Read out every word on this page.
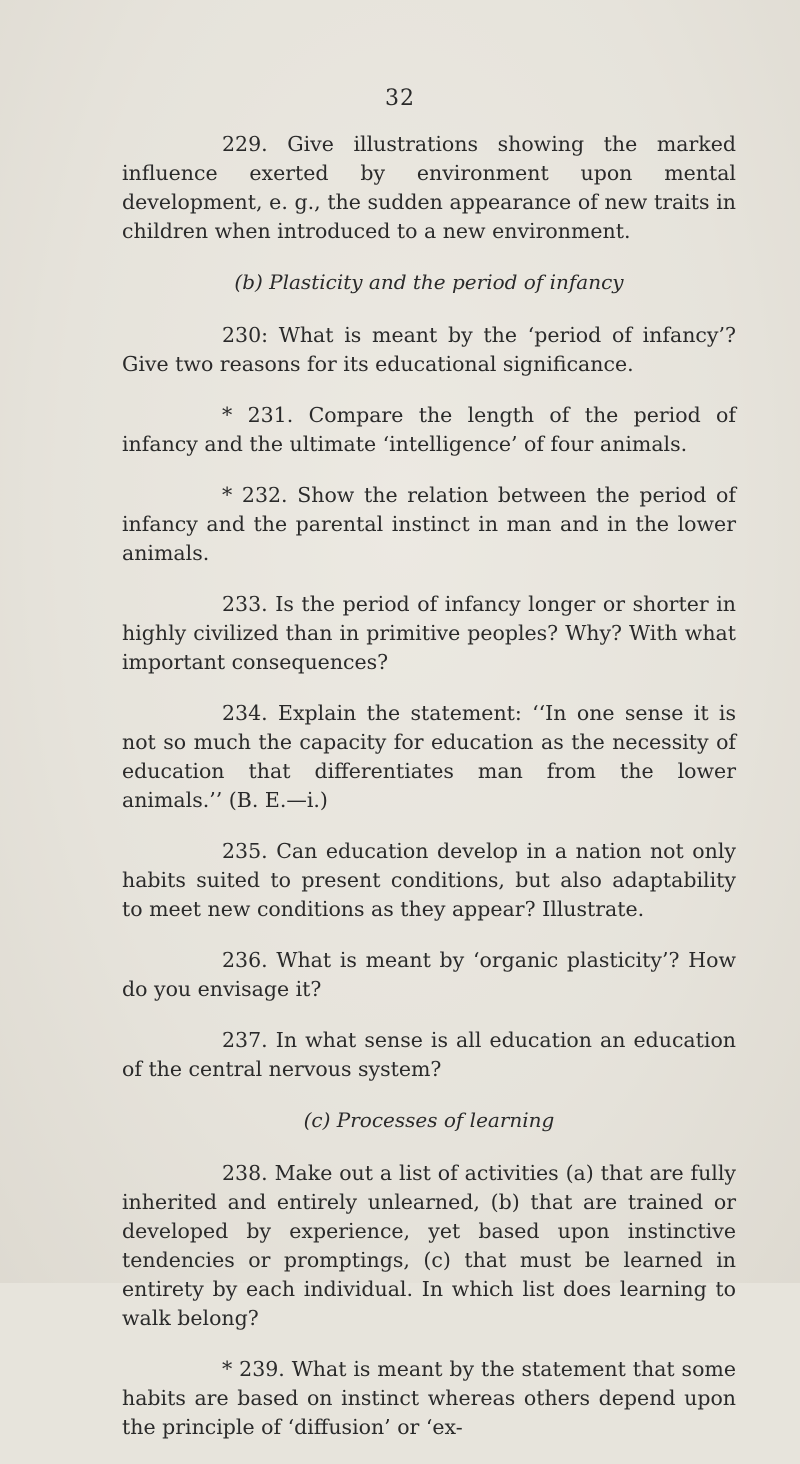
32

229. Give illustrations showing the marked influence exerted by environment upon mental development, e. g., the sudden appearance of new traits in children when introduced to a new environment.

(b) Plasticity and the period of infancy

230: What is meant by the ‘period of infancy’? Give two reasons for its educational significance.

* 231. Compare the length of the period of infancy and the ultimate ‘intelligence’ of four animals.

* 232. Show the relation between the period of infancy and the parental instinct in man and in the lower animals.

233. Is the period of infancy longer or shorter in highly civilized than in primitive peoples? Why? With what important consequences?

234. Explain the statement: ‘‘In one sense it is not so much the capacity for education as the necessity of education that differentiates man from the lower animals.’’ (B. E.—i.)

235. Can education develop in a nation not only habits suited to present conditions, but also adaptability to meet new conditions as they appear? Illustrate.

236. What is meant by ‘organic plasticity’? How do you envisage it?

237. In what sense is all education an education of the central nervous system?

(c) Processes of learning

238. Make out a list of activities (a) that are fully inherited and entirely unlearned, (b) that are trained or developed by experience, yet based upon instinctive tendencies or promptings, (c) that must be learned in entirety by each individual. In which list does learning to walk belong?

* 239. What is meant by the statement that some habits are based on instinct whereas others depend upon the principle of ‘diffusion’ or ‘ex-
